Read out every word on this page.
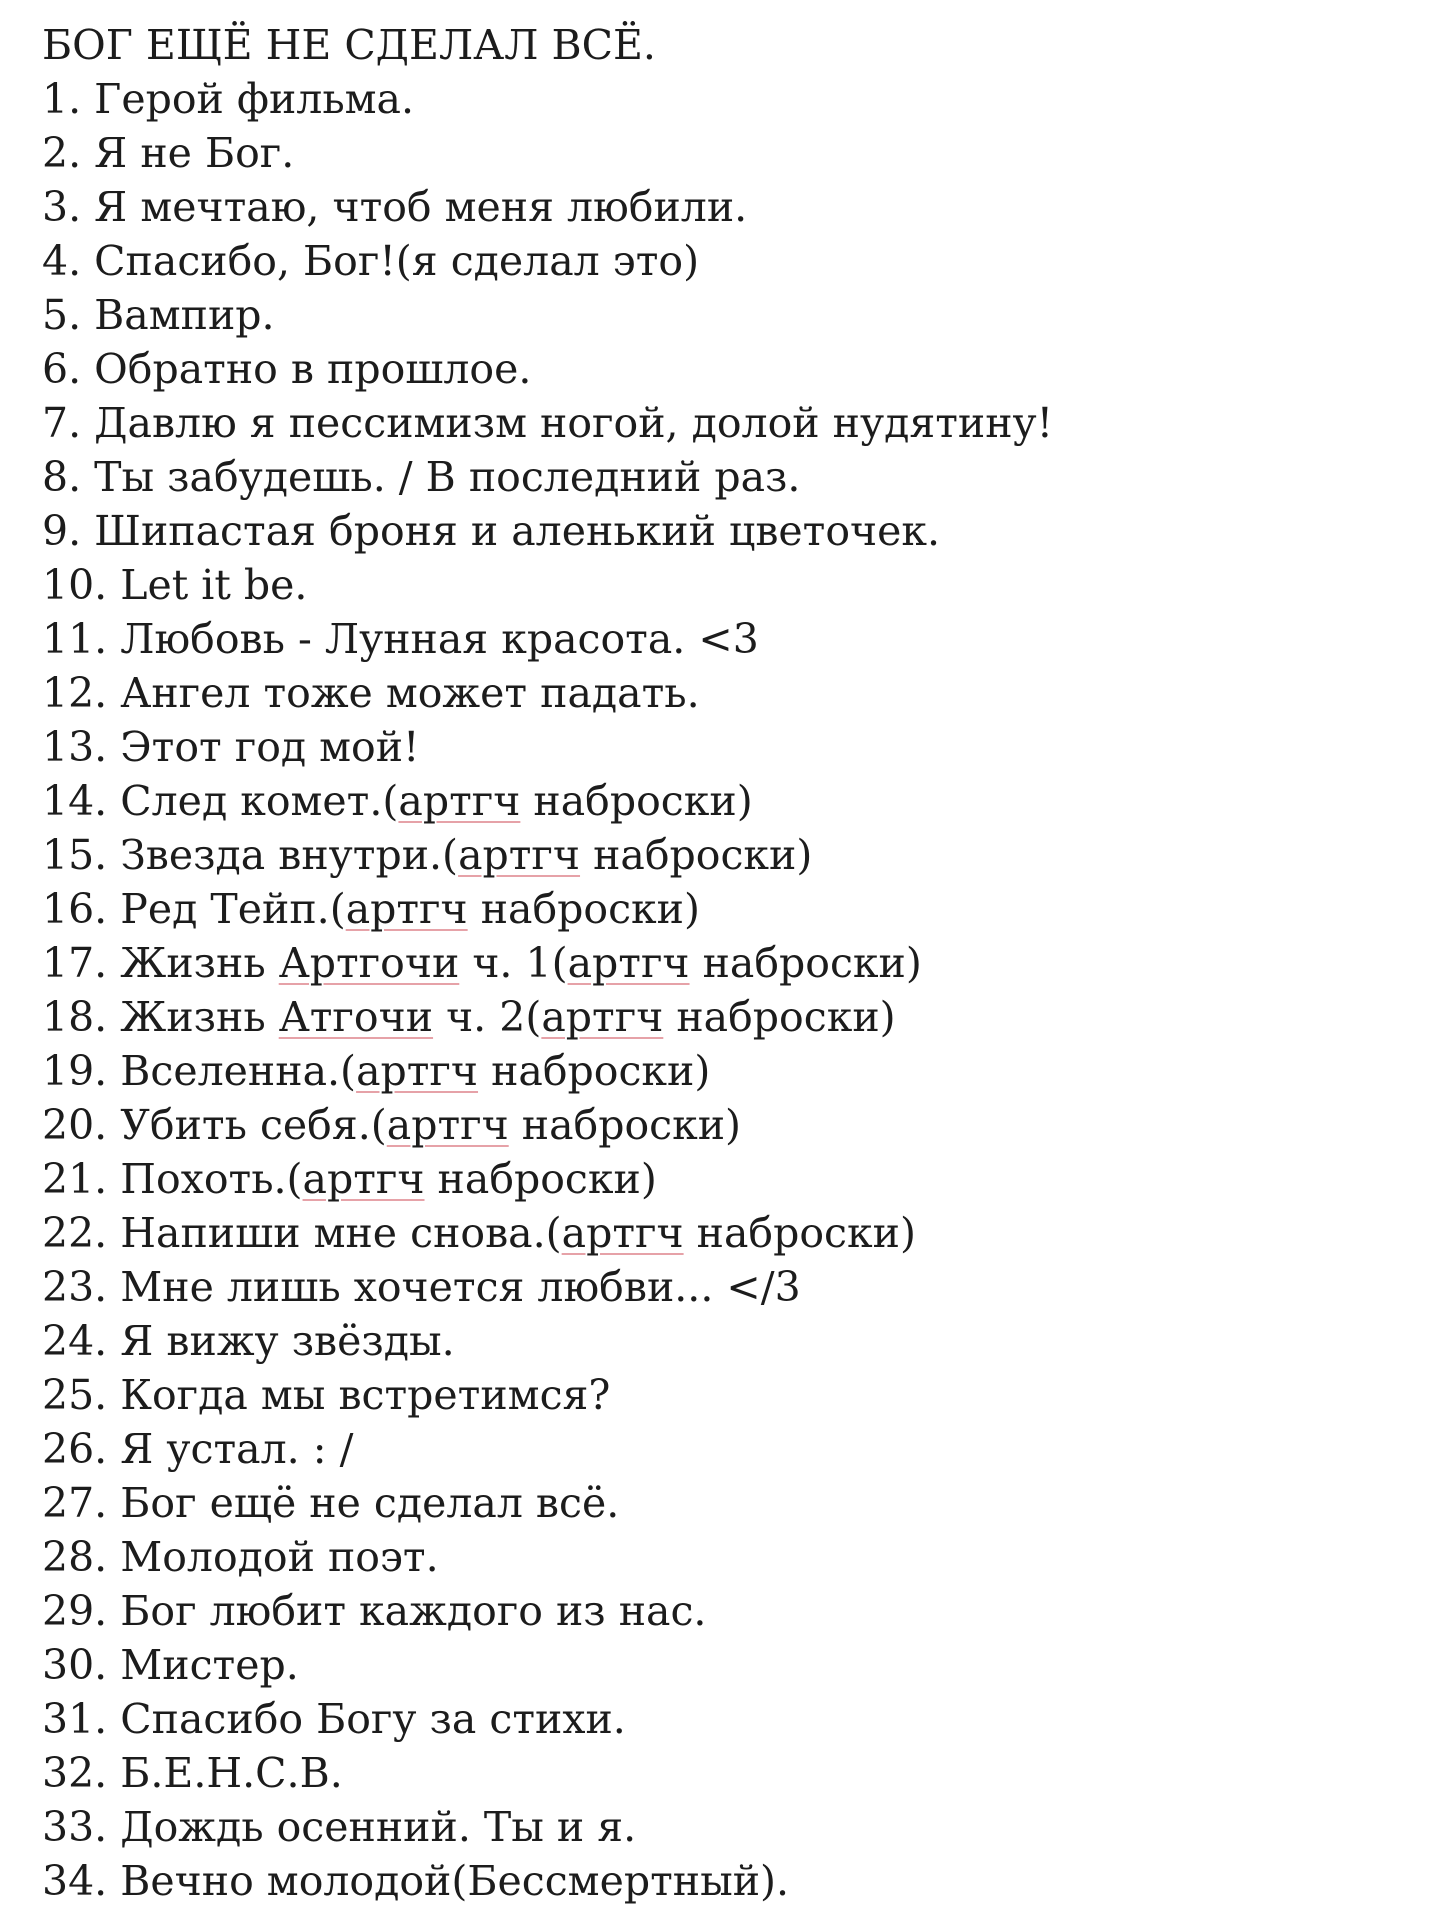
БОГ ЕЩЁ НЕ СДЕЛАЛ ВСЁ.
1. Герой фильма.
2. Я не Бог.
3. Я мечтаю, чтоб меня любили.
4. Спасибо, Бог!(я сделал это)
5. Вампир.
6. Обратно в прошлое.
7. Давлю я пессимизм ногой, долой нудятину!
8. Ты забудешь. / В последний раз.
9. Шипастая броня и аленький цветочек.
10. Let it be.
11. Любовь - Лунная красота. <3
12. Ангел тоже может падать.
13. Этот год мой!
14. След комет.(артгч наброски)
15. Звезда внутри.(артгч наброски)
16. Ред Тейп.(артгч наброски)
17. Жизнь Артгочи ч. 1(артгч наброски)
18. Жизнь Атгочи ч. 2(артгч наброски)
19. Вселенна.(артгч наброски)
20. Убить себя.(артгч наброски)
21. Похоть.(артгч наброски)
22. Напиши мне снова.(артгч наброски)
23. Мне лишь хочется любви... </3
24. Я вижу звёзды.
25. Когда мы встретимся?
26. Я устал. : /
27. Бог ещё не сделал всё.
28. Молодой поэт.
29. Бог любит каждого из нас.
30. Мистер.
31. Спасибо Богу за стихи.
32. Б.Е.Н.С.В.
33. Дождь осенний. Ты и я.
34. Вечно молодой(Бессмертный).
